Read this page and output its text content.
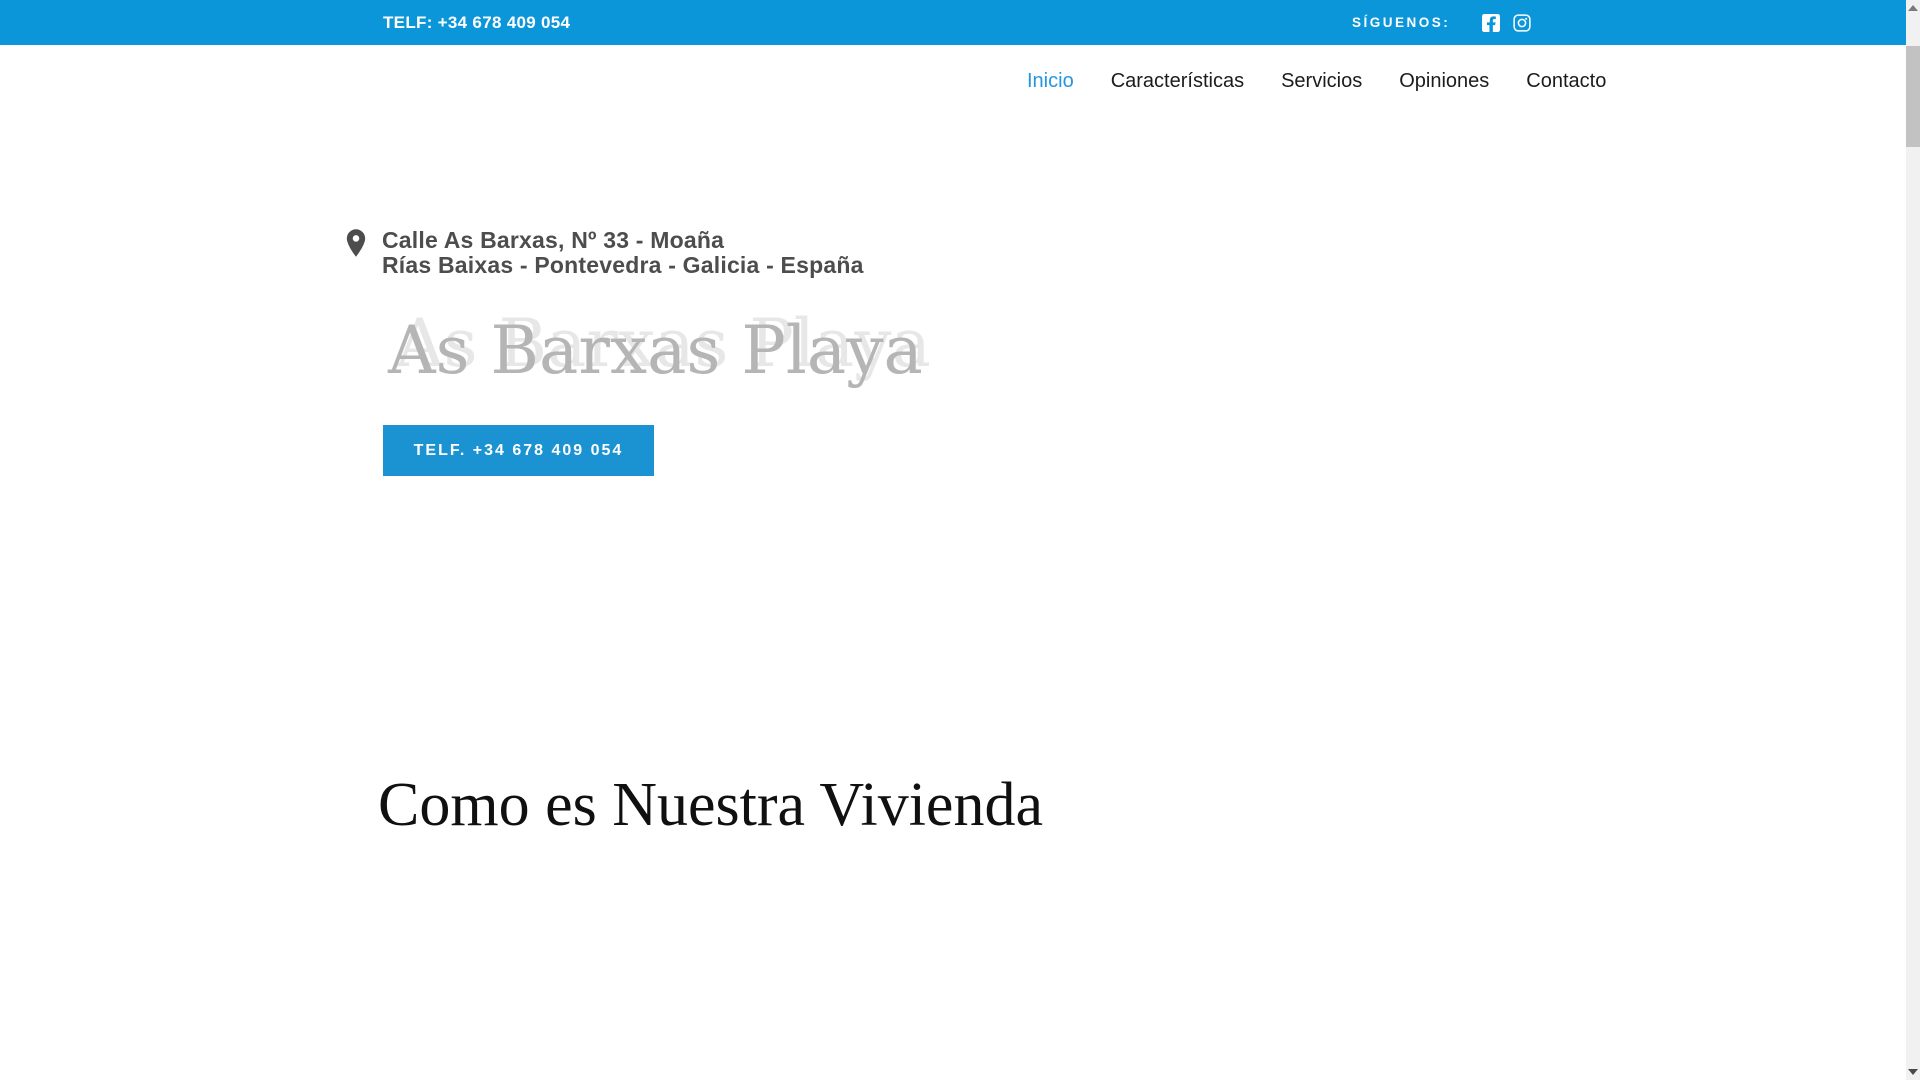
TELF: +34 678 409 054	SÍGUENOS:
Inicio Características Servicios Opiniones Contacto
Calle As Barxas, Nº 33 - Moaña
Rías Baixas - Pontevedra - Galicia - España
As Barxas Playa
TELF. +34 678 409 054
Como es Nuestra Vivienda
